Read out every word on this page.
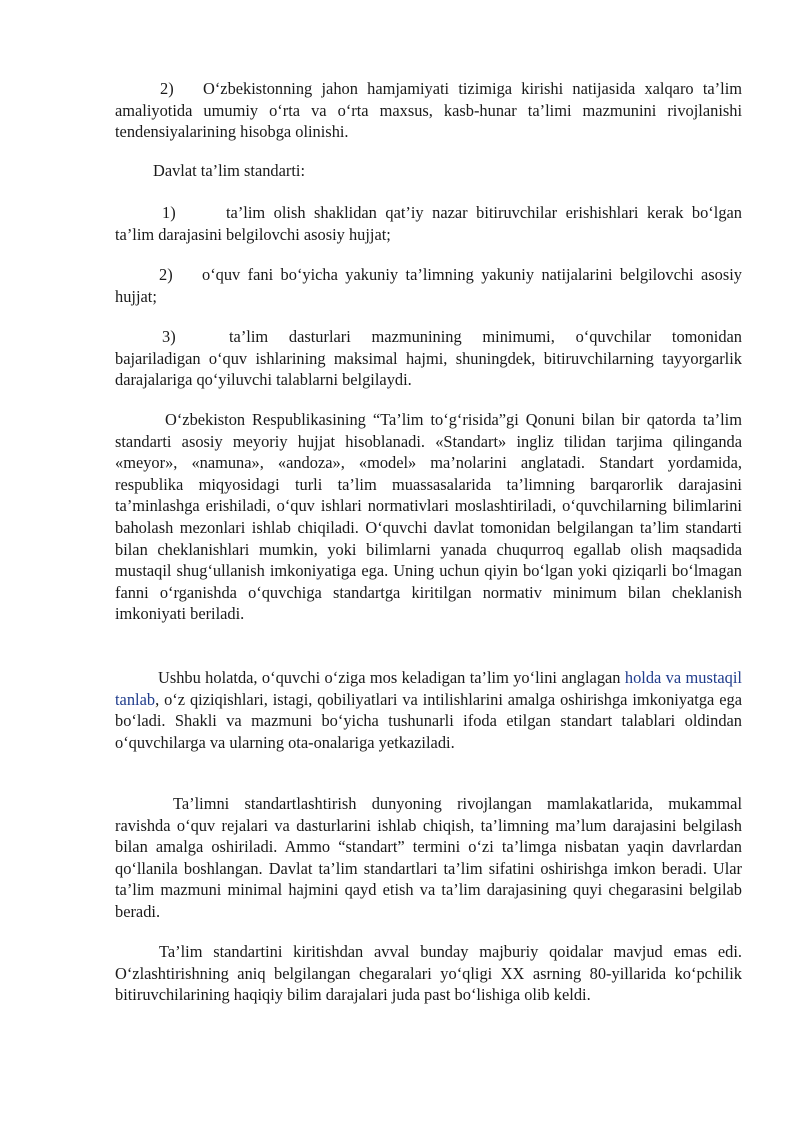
2) O‘zbekistonning jahon hamjamiyati tizimiga kirishi natijasida xalqaro ta’lim amaliyotida umumiy o‘rta va o‘rta maxsus, kasb-hunar ta’limi mazmunini rivojlanishi tendensiyalarining hisobga olinishi.

Davlat ta’lim standarti:

1)	ta’lim olish shaklidan qat’iy nazar bitiruvchilar erishishlari kerak bo‘lgan ta’lim darajasini belgilovchi asosiy hujjat;

2) o‘quv fani bo‘yicha yakuniy ta’limning yakuniy natijalarini belgilovchi asosiy hujjat;

3)	ta’lim dasturlari mazmunining minimumi, o‘quvchilar tomonidan bajariladigan o‘quv ishlarining maksimal hajmi, shuningdek, bitiruvchilarning tayyorgarlik darajalariga qo‘yiluvchi talablarni belgilaydi.

O‘zbekiston Respublikasining “Ta’lim to‘g‘risida”gi Qonuni bilan bir qatorda ta’lim standarti asosiy meyoriy hujjat hisoblanadi. «Standart» ingliz tilidan tarjima qilinganda «meyor», «namuna», «andoza», «model» ma’nolarini anglatadi. Standart yordamida, respublika miqyosidagi turli ta’lim muassasalarida ta’limning barqarorlik darajasini ta’minlashga erishiladi, o‘quv ishlari normativlari moslashtiriladi, o‘quvchilarning bilimlarini baholash mezonlari ishlab chiqiladi. O‘quvchi davlat tomonidan belgilangan ta’lim standarti bilan cheklanishlari mumkin, yoki bilimlarni yanada chuqurroq egallab olish maqsadida mustaqil shug‘ullanish imkoniyatiga ega. Uning uchun qiyin bo‘lgan yoki qiziqarli bo‘lmagan fanni o‘rganishda o‘quvchiga standartga kiritilgan normativ minimum bilan cheklanish imkoniyati beriladi.

Ushbu holatda, o‘quvchi o‘ziga mos keladigan ta’lim yo‘lini anglagan holda va mustaqil tanlab, o‘z qiziqishlari, istagi, qobiliyatlari va intilishlarini amalga oshirishga imkoniyatga ega bo‘ladi. Shakli va mazmuni bo‘yicha tushunarli ifoda etilgan standart talablari oldindan o‘quvchilarga va ularning ota-onalariga yetkaziladi.

Ta’limni standartlashtirish dunyoning rivojlangan mamlakatlarida, mukammal ravishda o‘quv rejalari va dasturlarini ishlab chiqish, ta’limning ma’lum darajasini belgilash bilan amalga oshiriladi. Ammo “standart” termini o‘zi ta’limga nisbatan yaqin davrlardan qo‘llanila boshlangan. Davlat ta’lim standartlari ta’lim sifatini oshirishga imkon beradi. Ular ta’lim mazmuni minimal hajmini qayd etish va ta’lim darajasining quyi chegarasini belgilab beradi.

Ta’lim standartini kiritishdan avval bunday majburiy qoidalar mavjud emas edi. O‘zlashtirishning aniq belgilangan chegaralari yo‘qligi XX asrning 80-yillarida ko‘pchilik bitiruvchilarining haqiqiy bilim darajalari juda past bo‘lishiga olib keldi.
